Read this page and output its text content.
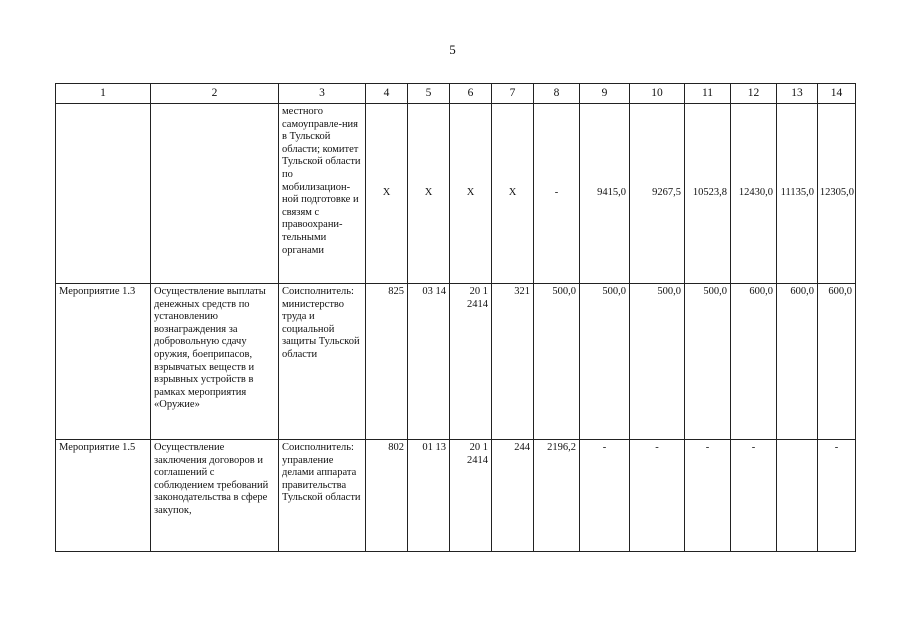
5
1	2	3	4	5	6	7	8	9	10	11	12	13	14
		местного самоуправле-ния в Тульской области; комитет Тульской области по мобилизацион-ной подготовке и связям с правоохрани-тельными органами	X	X	X	X	-	9415,0	9267,5	10523,8	12430,0	11135,0	12305,0
Мероприятие 1.3	Осуществление выплаты денежных средств по установлению вознаграждения за добровольную сдачу оружия, боеприпасов, взрывчатых веществ и взрывных устройств в рамках мероприятия «Оружие»	Соисполнитель: министерство труда и социальной защиты Тульской области	825	03 14	20 1 2414	321	500,0	500,0	500,0	500,0	600,0	600,0	600,0
Мероприятие 1.5	Осуществление заключения договоров и соглашений с соблюдением требований законодательства в сфере закупок,	Соисполнитель: управление делами аппарата правительства Тульской области	802	01 13	20 1 2414	244	2196,2	-	-	-	-		-
